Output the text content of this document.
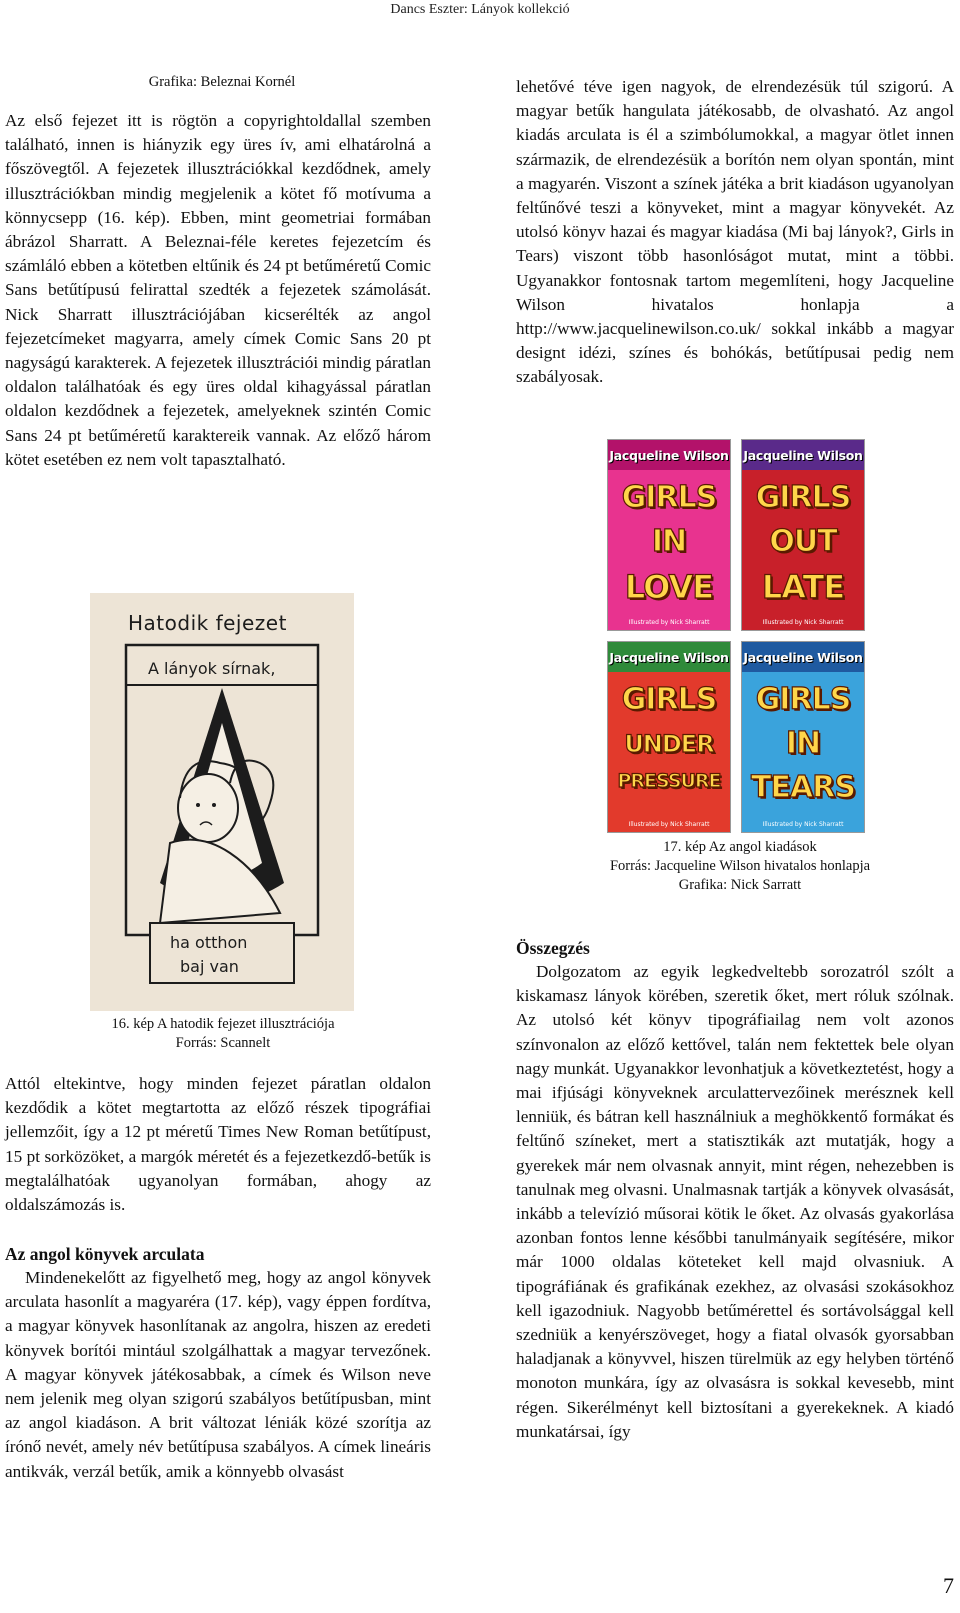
Dancs Eszter: Lányok kollekció
Grafika: Beleznai Kornél

Az első fejezet itt is rögtön a copyrightoldallal szemben található, innen is hiányzik egy üres ív, ami elhatárolná a főszövegtől. A fejezetek illusztrációkkal kezdődnek, amely illusztrációkban mindig megjelenik a kötet fő motívuma a könnycsepp (16. kép). Ebben, mint geometriai formában ábrázol Sharratt. A Beleznai-féle keretes fejezetcím és számláló ebben a kötetben eltűnik és 24 pt betűméretű Comic Sans betűtípusú felirattal szedték a fejezetek számolását. Nick Sharratt illusztrációjában kicserélték az angol fejezetcímeket magyarra, amely címek Comic Sans 20 pt nagyságú karakterek. A fejezetek illusztrációi mindig páratlan oldalon találhatóak és egy üres oldal kihagyással páratlan oldalon kezdődnek a fejezetek, amelyeknek szintén Comic Sans 24 pt betűméretű karaktereik vannak. Az előző három kötet esetében ez nem volt tapasztalható.

Hatodik fejezet
A lányok sírnak,
ha otthon
baj van
16. kép A hatodik fejezet illusztrációja
Forrás: Scannelt

Attól eltekintve, hogy minden fejezet páratlan oldalon kezdődik a kötet megtartotta az előző részek tipográfiai jellemzőit, így a 12 pt méretű Times New Roman betűtípust, 15 pt sorközöket, a margók méretét és a fejezetkezdő-betűk is megtalálhatóak ugyanolyan formában, ahogy az oldalszámozás is.

Az angol könyvek arculata

Mindenekelőtt az figyelhető meg, hogy az angol könyvek arculata hasonlít a magyaréra (17. kép), vagy éppen fordítva, a magyar könyvek hasonlítanak az angolra, hiszen az eredeti könyvek borítói mintául szolgálhattak a magyar tervezőnek. A magyar könyvek játékosabbak, a címek és Wilson neve nem jelenik meg olyan szigorú szabályos betűtípusban, mint az angol kiadáson. A brit változat léniák közé szorítja az írónő nevét, amely név betűtípusa szabályos. A címek lineáris antikvák, verzál betűk, amik a könnyebb olvasást

lehetővé téve igen nagyok, de elrendezésük túl szigorú. A magyar betűk hangulata játékosabb, de olvasható. Az angol kiadás arculata is él a szimbólumokkal, a magyar ötlet innen származik, de elrendezésük a borítón nem olyan spontán, mint a magyarén. Viszont a színek játéka a brit kiadáson ugyanolyan feltűnővé teszi a könyveket, mint a magyar könyvekét. Az utolsó könyv hazai és magyar kiadása (Mi baj lányok?, Girls in Tears) viszont több hasonlóságot mutat, mint a többi. Ugyanakkor fontosnak tartom megemlíteni, hogy Jacqueline Wilson hivatalos honlapja a http://www.jacquelinewilson.co.uk/ sokkal inkább a magyar designt idézi, színes és bohókás, betűtípusai pedig nem szabályosak.

Jacqueline Wilson
GIRLS
IN
LOVE
Illustrated by Nick Sharratt
Jacqueline Wilson
GIRLS
OUT
LATE
Illustrated by Nick Sharratt
Jacqueline Wilson
GIRLS
UNDER
PRESSURE
Illustrated by Nick Sharratt
Jacqueline Wilson
GIRLS
IN
TEARS
Illustrated by Nick Sharratt
17. kép Az angol kiadások
Forrás: Jacqueline Wilson hivatalos honlapja
Grafika: Nick Sarratt

Összegzés

Dolgozatom az egyik legkedveltebb sorozatról szólt a kiskamasz lányok körében, szeretik őket, mert róluk szólnak. Az utolsó két könyv tipográfiailag nem volt azonos színvonalon az előző kettővel, talán nem fektettek bele olyan nagy munkát. Ugyanakkor levonhatjuk a következtetést, hogy a mai ifjúsági könyveknek arculattervezőinek merésznek kell lenniük, és bátran kell használniuk a meghökkentő formákat és feltűnő színeket, mert a statisztikák azt mutatják, hogy a gyerekek már nem olvasnak annyit, mint régen, nehezebben is tanulnak meg olvasni. Unalmasnak tartják a könyvek olvasását, inkább a televízió műsorai kötik le őket. Az olvasás gyakorlása azonban fontos lenne későbbi tanulmányaik segítésére, mikor már 1000 oldalas köteteket kell majd olvasniuk. A tipográfiának és grafikának ezekhez, az olvasási szokásokhoz kell igazodniuk. Nagyobb betűmérettel és sortávolsággal kell szedniük a kenyérszöveget, hogy a fiatal olvasók gyorsabban haladjanak a könyvvel, hiszen türelmük az egy helyben történő monoton munkára, így az olvasásra is sokkal kevesebb, mint régen. Sikerélményt kell biztosítani a gyerekeknek. A kiadó munkatársai, így

7
